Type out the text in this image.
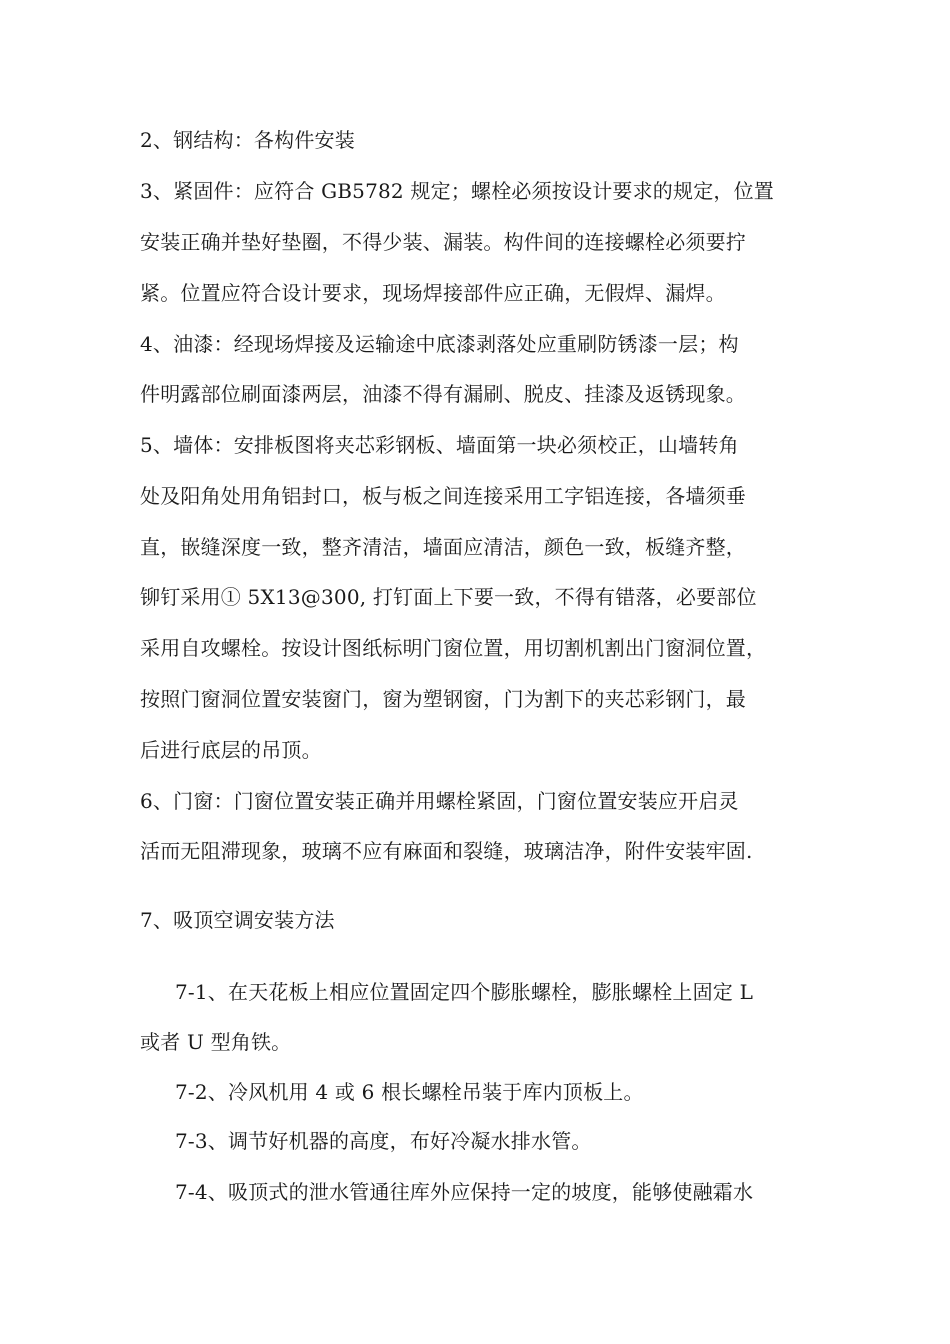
2、钢结构：各构件安装
3、紧固件：应符合 GB5782 规定；螺栓必须按设计要求的规定，位置
安装正确并垫好垫圈，不得少装、漏装。构件间的连接螺栓必须要拧
紧。位置应符合设计要求，现场焊接部件应正确，无假焊、漏焊。
4、油漆：经现场焊接及运输途中底漆剥落处应重刷防锈漆一层；构
件明露部位刷面漆两层，油漆不得有漏刷、脱皮、挂漆及返锈现象。
5、墙体：安排板图将夹芯彩钢板、墙面第一块必须校正，山墙转角
处及阳角处用角铝封口，板与板之间连接采用工字铝连接，各墙须垂
直，嵌缝深度一致，整齐清洁，墙面应清洁，颜色一致，板缝齐整，
铆钉采用① 5X13@300, 打钉面上下要一致，不得有错落，必要部位
采用自攻螺栓。按设计图纸标明门窗位置，用切割机割出门窗洞位置，
按照门窗洞位置安装窗门，窗为塑钢窗，门为割下的夹芯彩钢门，最
后进行底层的吊顶。
6、门窗：门窗位置安装正确并用螺栓紧固，门窗位置安装应开启灵
活而无阻滞现象，玻璃不应有麻面和裂缝，玻璃洁净，附件安装牢固.
7、吸顶空调安装方法
7-1、在天花板上相应位置固定四个膨胀螺栓，膨胀螺栓上固定 L
或者 U 型角铁。
7-2、冷风机用 4 或 6 根长螺栓吊装于库内顶板上。
7-3、调节好机器的高度，布好冷凝水排水管。
7-4、吸顶式的泄水管通往库外应保持一定的坡度，能够使融霜水
